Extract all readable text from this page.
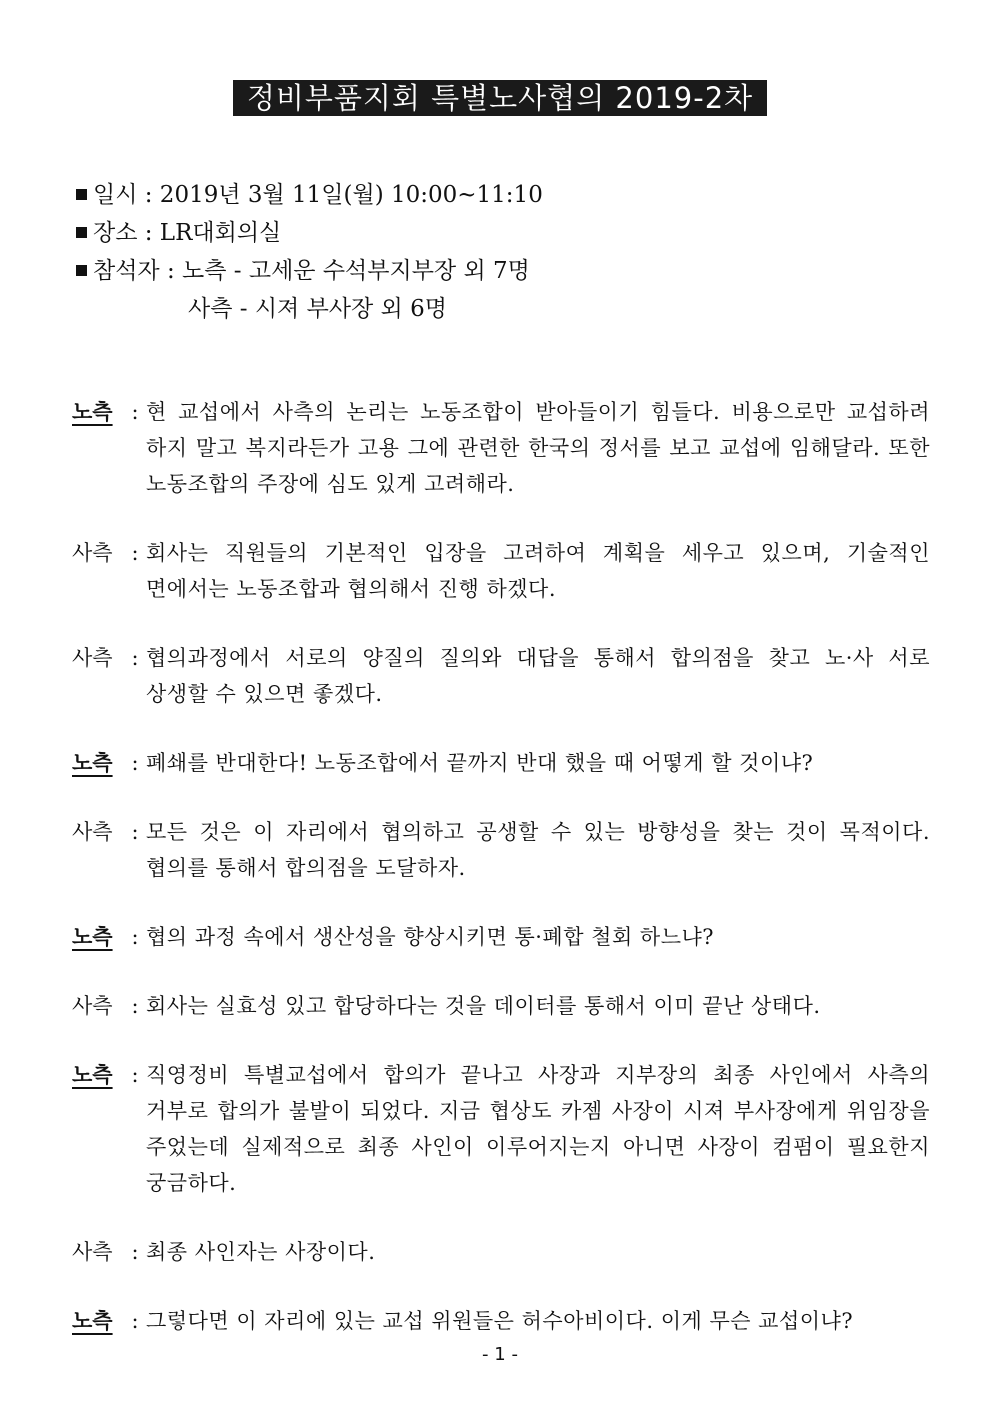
정비부품지회 특별노사협의 2019-2차
일시 : 2019년 3월 11일(월) 10:00~11:10
장소 : LR대회의실
참석자 : 노측 - 고세운 수석부지부장 외 7명
사측 - 시져 부사장 외 6명
노측 : 현 교섭에서 사측의 논리는 노동조합이 받아들이기 힘들다. 비용으로만 교섭하려 하지 말고 복지라든가 고용 그에 관련한 한국의 정서를 보고 교섭에 임해달라. 또한 노동조합의 주장에 심도 있게 고려해라.
사측 : 회사는 직원들의 기본적인 입장을 고려하여 계획을 세우고 있으며, 기술적인 면에서는 노동조합과 협의해서 진행 하겠다.
사측 : 협의과정에서 서로의 양질의 질의와 대답을 통해서 합의점을 찾고 노·사 서로 상생할 수 있으면 좋겠다.
노측 : 폐쇄를 반대한다! 노동조합에서 끝까지 반대 했을 때 어떻게 할 것이냐?
사측 : 모든 것은 이 자리에서 협의하고 공생할 수 있는 방향성을 찾는 것이 목적이다. 협의를 통해서 합의점을 도달하자.
노측 : 협의 과정 속에서 생산성을 향상시키면 통·폐합 철회 하느냐?
사측 : 회사는 실효성 있고 합당하다는 것을 데이터를 통해서 이미 끝난 상태다.
노측 : 직영정비 특별교섭에서 합의가 끝나고 사장과 지부장의 최종 사인에서 사측의 거부로 합의가 불발이 되었다. 지금 협상도 카젬 사장이 시져 부사장에게 위임장을 주었는데 실제적으로 최종 사인이 이루어지는지 아니면 사장이 컴펌이 필요한지 궁금하다.
사측 : 최종 사인자는 사장이다.
노측 : 그렇다면 이 자리에 있는 교섭 위원들은 허수아비이다. 이게 무슨 교섭이냐?
- 1 -
